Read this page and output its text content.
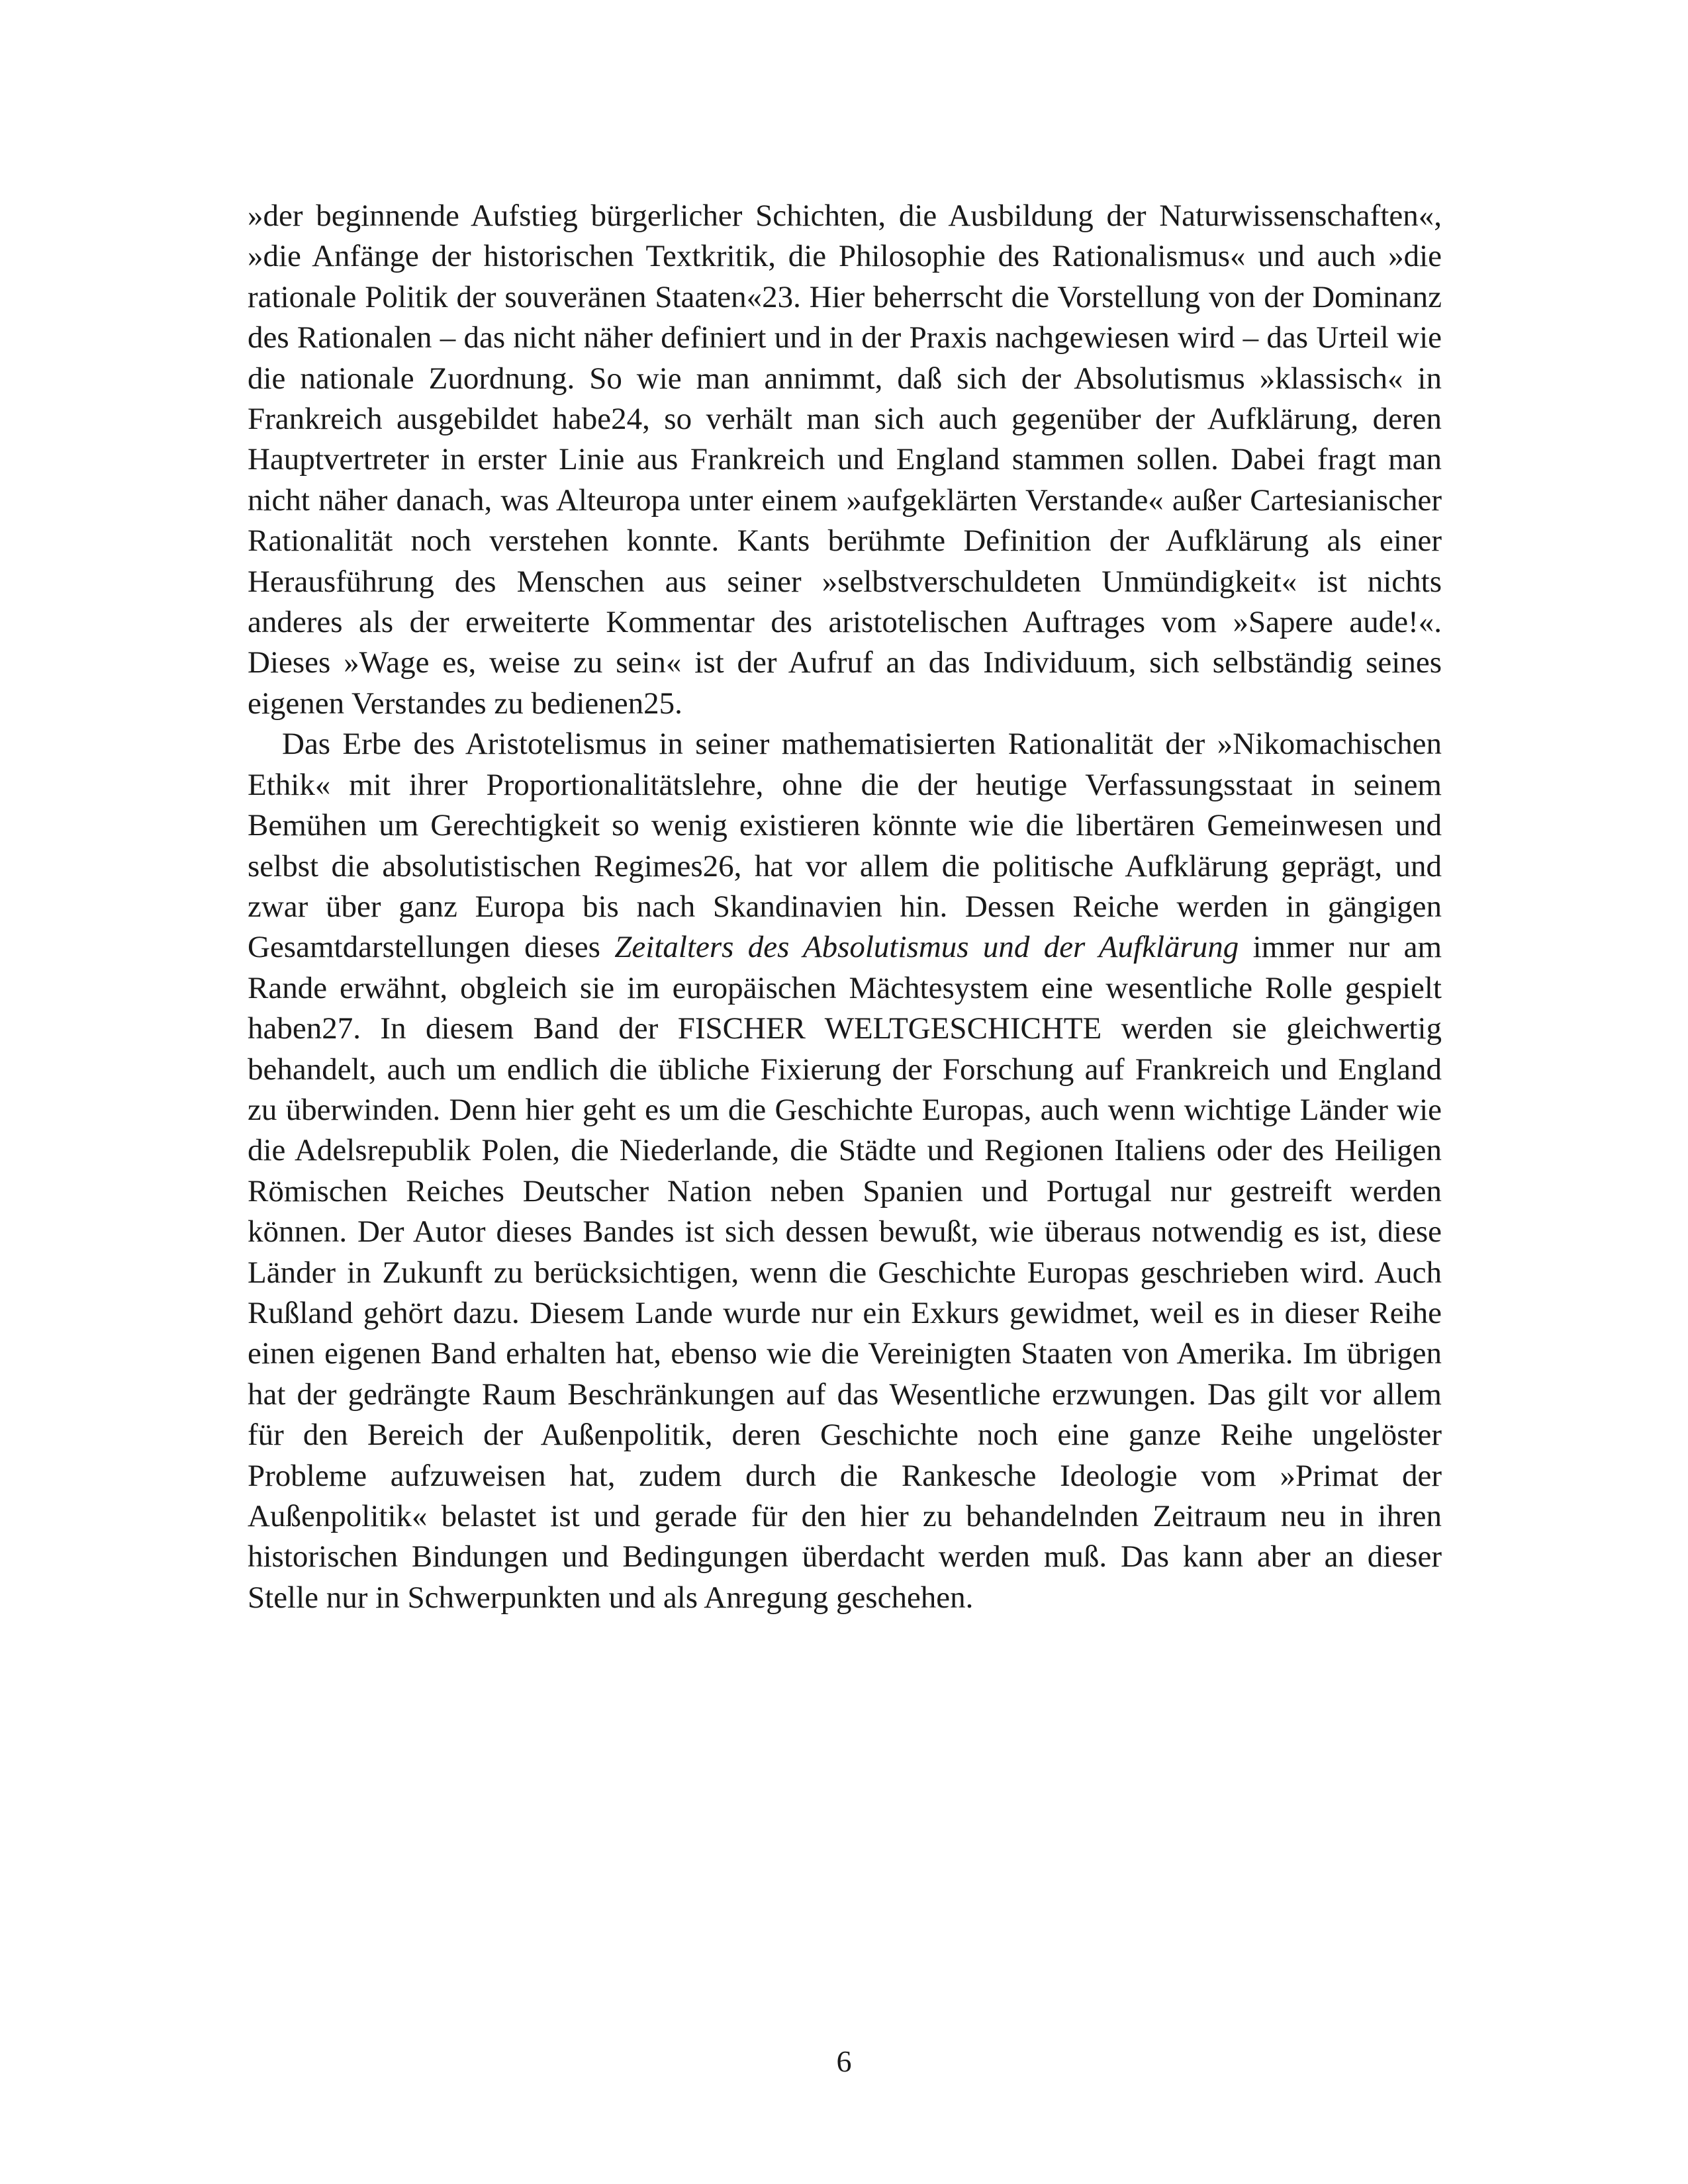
»der beginnende Aufstieg bürgerlicher Schichten, die Ausbildung der Naturwissenschaften«, »die Anfänge der historischen Textkritik, die Philosophie des Rationalismus« und auch »die rationale Politik der souveränen Staaten«23. Hier beherrscht die Vorstellung von der Dominanz des Rationalen – das nicht näher definiert und in der Praxis nachgewiesen wird – das Urteil wie die nationale Zuordnung. So wie man annimmt, daß sich der Absolutismus »klassisch« in Frankreich ausgebildet habe24, so verhält man sich auch gegenüber der Aufklärung, deren Hauptvertreter in erster Linie aus Frankreich und England stammen sollen. Dabei fragt man nicht näher danach, was Alteuropa unter einem »aufgeklärten Verstande« außer Cartesianischer Rationalität noch verstehen konnte. Kants berühmte Definition der Aufklärung als einer Herausführung des Menschen aus seiner »selbstverschuldeten Unmündigkeit« ist nichts anderes als der erweiterte Kommentar des aristotelischen Auftrages vom »Sapere aude!«. Dieses »Wage es, weise zu sein« ist der Aufruf an das Individuum, sich selbständig seines eigenen Verstandes zu bedienen25.

Das Erbe des Aristotelismus in seiner mathematisierten Rationalität der »Nikomachischen Ethik« mit ihrer Proportionalitätslehre, ohne die der heutige Verfassungsstaat in seinem Bemühen um Gerechtigkeit so wenig existieren könnte wie die libertären Gemeinwesen und selbst die absolutistischen Regimes26, hat vor allem die politische Aufklärung geprägt, und zwar über ganz Europa bis nach Skandinavien hin. Dessen Reiche werden in gängigen Gesamtdarstellungen dieses Zeitalters des Absolutismus und der Aufklärung immer nur am Rande erwähnt, obgleich sie im europäischen Mächtesystem eine wesentliche Rolle gespielt haben27. In diesem Band der FISCHER WELTGESCHICHTE werden sie gleichwertig behandelt, auch um endlich die übliche Fixierung der Forschung auf Frankreich und England zu überwinden. Denn hier geht es um die Geschichte Europas, auch wenn wichtige Länder wie die Adelsrepublik Polen, die Niederlande, die Städte und Regionen Italiens oder des Heiligen Römischen Reiches Deutscher Nation neben Spanien und Portugal nur gestreift werden können. Der Autor dieses Bandes ist sich dessen bewußt, wie überaus notwendig es ist, diese Länder in Zukunft zu berücksichtigen, wenn die Geschichte Europas geschrieben wird. Auch Rußland gehört dazu. Diesem Lande wurde nur ein Exkurs gewidmet, weil es in dieser Reihe einen eigenen Band erhalten hat, ebenso wie die Vereinigten Staaten von Amerika. Im übrigen hat der gedrängte Raum Beschränkungen auf das Wesentliche erzwungen. Das gilt vor allem für den Bereich der Außenpolitik, deren Geschichte noch eine ganze Reihe ungelöster Probleme aufzuweisen hat, zudem durch die Rankesche Ideologie vom »Primat der Außenpolitik« belastet ist und gerade für den hier zu behandelnden Zeitraum neu in ihren historischen Bindungen und Bedingungen überdacht werden muß. Das kann aber an dieser Stelle nur in Schwerpunkten und als Anregung geschehen.

6
